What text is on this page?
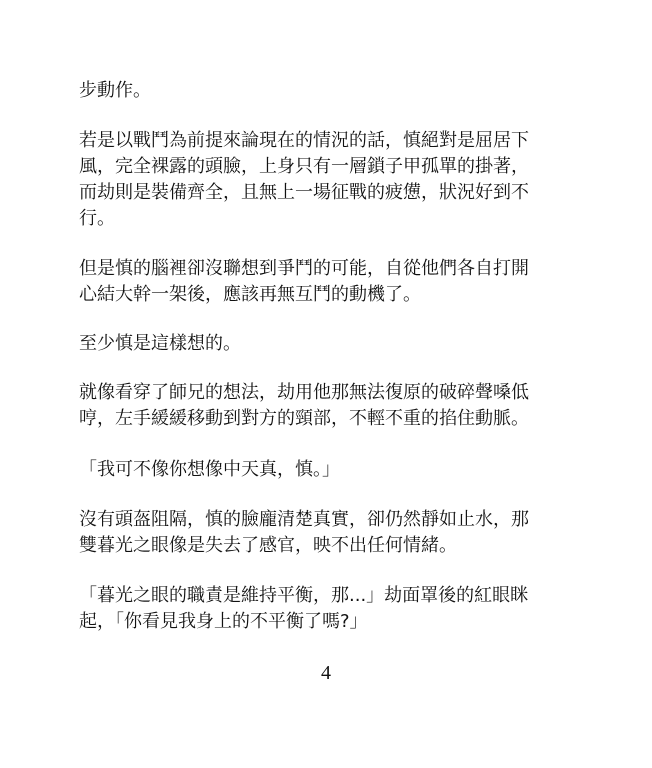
步動作。

若是以戰鬥為前提來論現在的情況的話，慎絕對是屈居下
風，完全裸露的頭臉，上身只有一層鎖子甲孤單的掛著，
而劫則是裝備齊全，且無上一場征戰的疲憊，狀況好到不
行。

但是慎的腦裡卻沒聯想到爭鬥的可能，自從他們各自打開
心結大幹一架後，應該再無互鬥的動機了。

至少慎是這樣想的。

就像看穿了師兄的想法，劫用他那無法復原的破碎聲嗓低
哼，左手緩緩移動到對方的頸部，不輕不重的掐住動脈。

「我可不像你想像中天真，慎。」

沒有頭盔阻隔，慎的臉龐清楚真實，卻仍然靜如止水，那
雙暮光之眼像是失去了感官，映不出任何情緒。

「暮光之眼的職責是維持平衡，那...」劫面罩後的紅眼眯
起，「你看見我身上的不平衡了嗎?」

4
